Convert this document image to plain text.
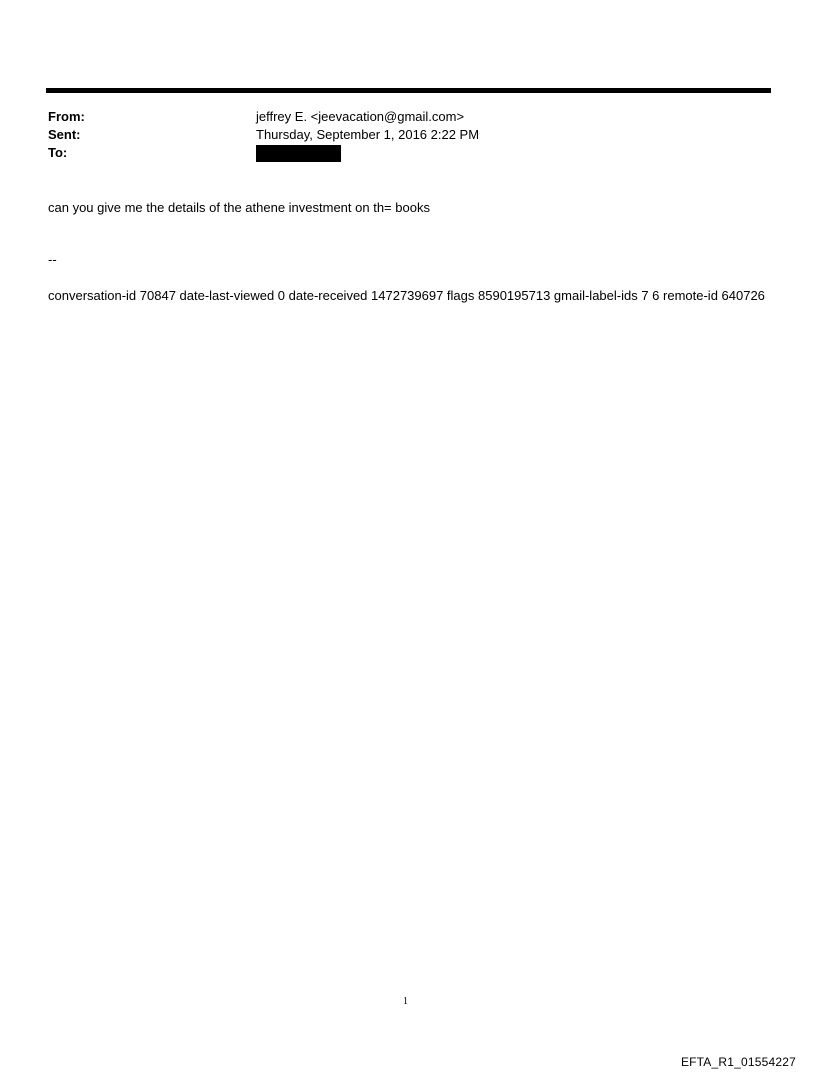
From:	jeffrey E. <jeevacation@gmail.com>
Sent:	Thursday, September 1, 2016 2:22 PM
To:
can you give me the details of the athene investment on th= books
--
conversation-id 70847 date-last-viewed 0 date-received 1472739697 flags 8590195713 gmail-label-ids 7 6 remote-id 640726
1
EFTA_R1_01554227
